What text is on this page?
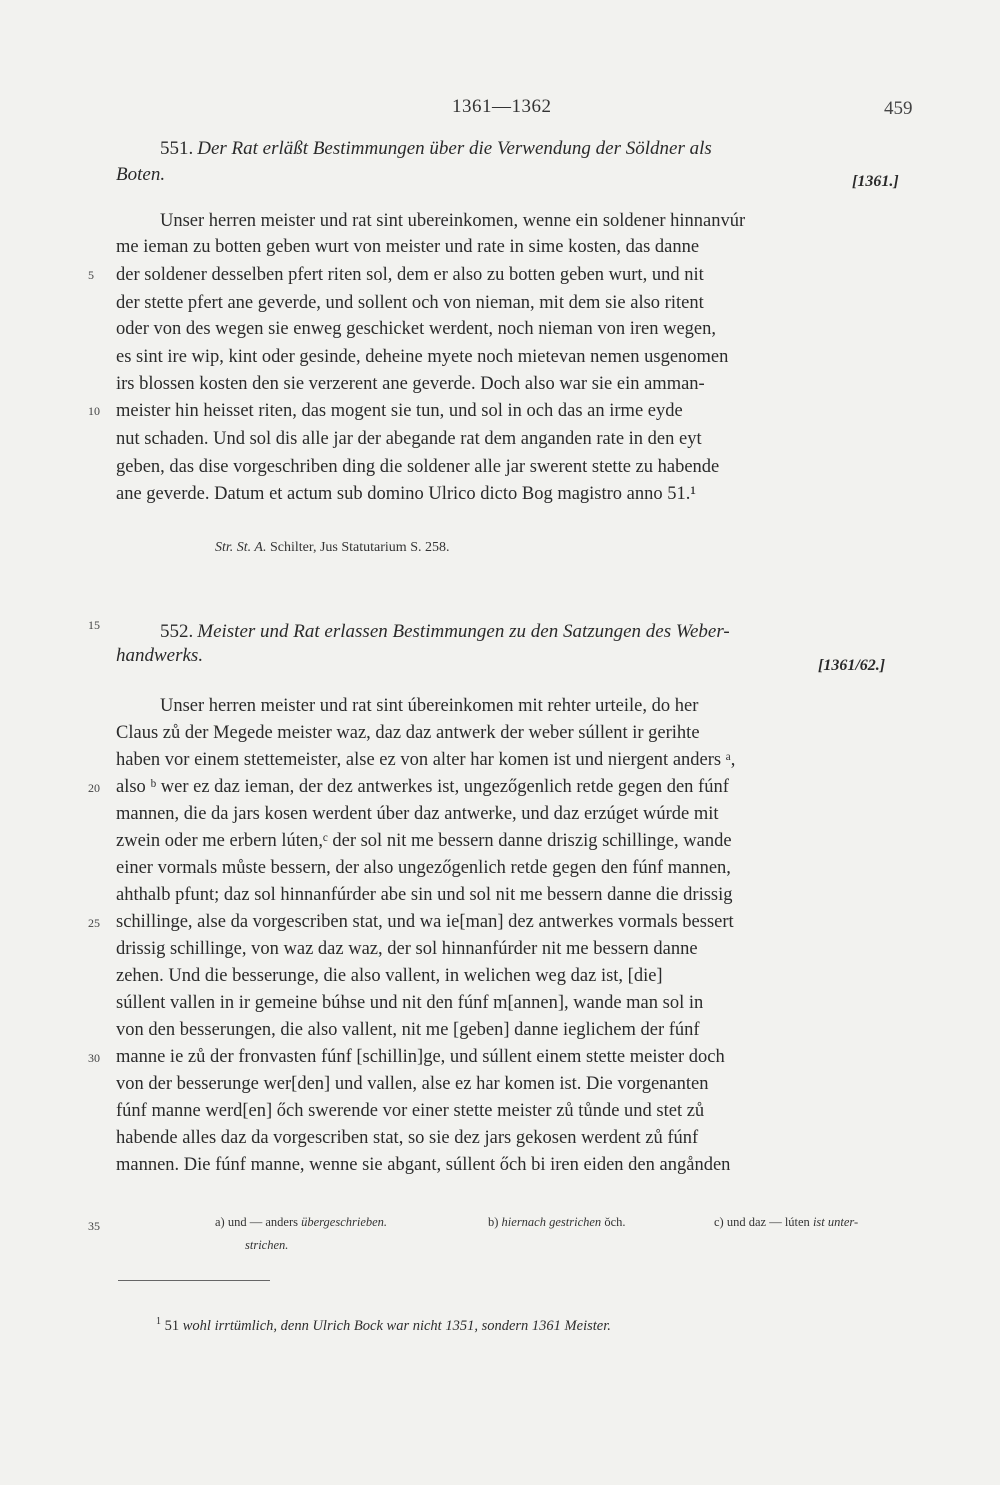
1361—1362	459
551. Der Rat erläßt Bestimmungen über die Verwendung der Söldner als
Boten.	[1361.]
Unser herren meister und rat sint ubereinkomen, wenne ein soldener hinnanvúr
me ieman zu botten geben wurt von meister und rate in sime kosten, das danne
der soldener desselben pfert riten sol, dem er also zu botten geben wurt, und nit
der stette pfert ane geverde, und sollent och von nieman, mit dem sie also ritent
oder von des wegen sie enweg geschicket werdent, noch nieman von iren wegen,
es sint ire wip, kint oder gesinde, deheine myete noch mietevan nemen usgenomen
irs blossen kosten den sie verzerent ane geverde. Doch also war sie ein amman-
meister hin heisset riten, das mogent sie tun, und sol in och das an irme eyde
nut schaden. Und sol dis alle jar der abegande rat dem anganden rate in den eyt
geben, das dise vorgeschriben ding die soldener alle jar swerent stette zu habende
ane geverde. Datum et actum sub domino Ulrico dicto Bog magistro anno 51.¹
Str. St. A. Schilter, Jus Statutarium S. 258.
552. Meister und Rat erlassen Bestimmungen zu den Satzungen des Weber-
handwerks.	[1361/62.]
Unser herren meister und rat sint úbereinkomen mit rehter urteile, do her
Claus zů der Megede meister waz, daz daz antwerk der weber súllent ir gerihte
haben vor einem stettemeister, alse ez von alter har komen ist und niergent anders ᵃ,
also ᵇ wer ez daz ieman, der dez antwerkes ist, ungezőgenlich retde gegen den fúnf
mannen, die da jars kosen werdent úber daz antwerke, und daz erzúget wúrde mit
zwein oder me erbern lúten,ᶜ der sol nit me bessern danne driszig schillinge, wande
einer vormals můste bessern, der also ungezőgenlich retde gegen den fúnf mannen,
ahthalb pfunt; daz sol hinnanfúrder abe sin und sol nit me bessern danne die drissig
schillinge, alse da vorgescriben stat, und wa ie[man] dez antwerkes vormals bessert
drissig schillinge, von waz daz waz, der sol hinnanfúrder nit me bessern danne
zehen. Und die besserunge, die also vallent, in welichen weg daz ist, [die]
súllent vallen in ir gemeine búhse und nit den fúnf m[annen], wande man sol in
von den besserungen, die also vallent, nit me [geben] danne ieglichem der fúnf
manne ie zů der fronvasten fúnf [schillin]ge, und súllent einem stette meister doch
von der besserunge wer[den] und vallen, alse ez har komen ist. Die vorgenanten
fúnf manne werd[en] őch swerende vor einer stette meister zů tůnde und stet zů
habende alles daz da vorgescriben stat, so sie dez jars gekosen werdent zů fúnf
mannen. Die fúnf manne, wenne sie abgant, súllent őch bi iren eiden den angånden
5
10
15
20
25
30
35	a) und — anders übergeschrieben.
strichen.
b) hiernach gestrichen ǒch.	c) und daz — lúten ist unter-
$^1$ 51 wohl irrtümlich, denn Ulrich Bock war nicht 1351, sondern 1361 Meister.
